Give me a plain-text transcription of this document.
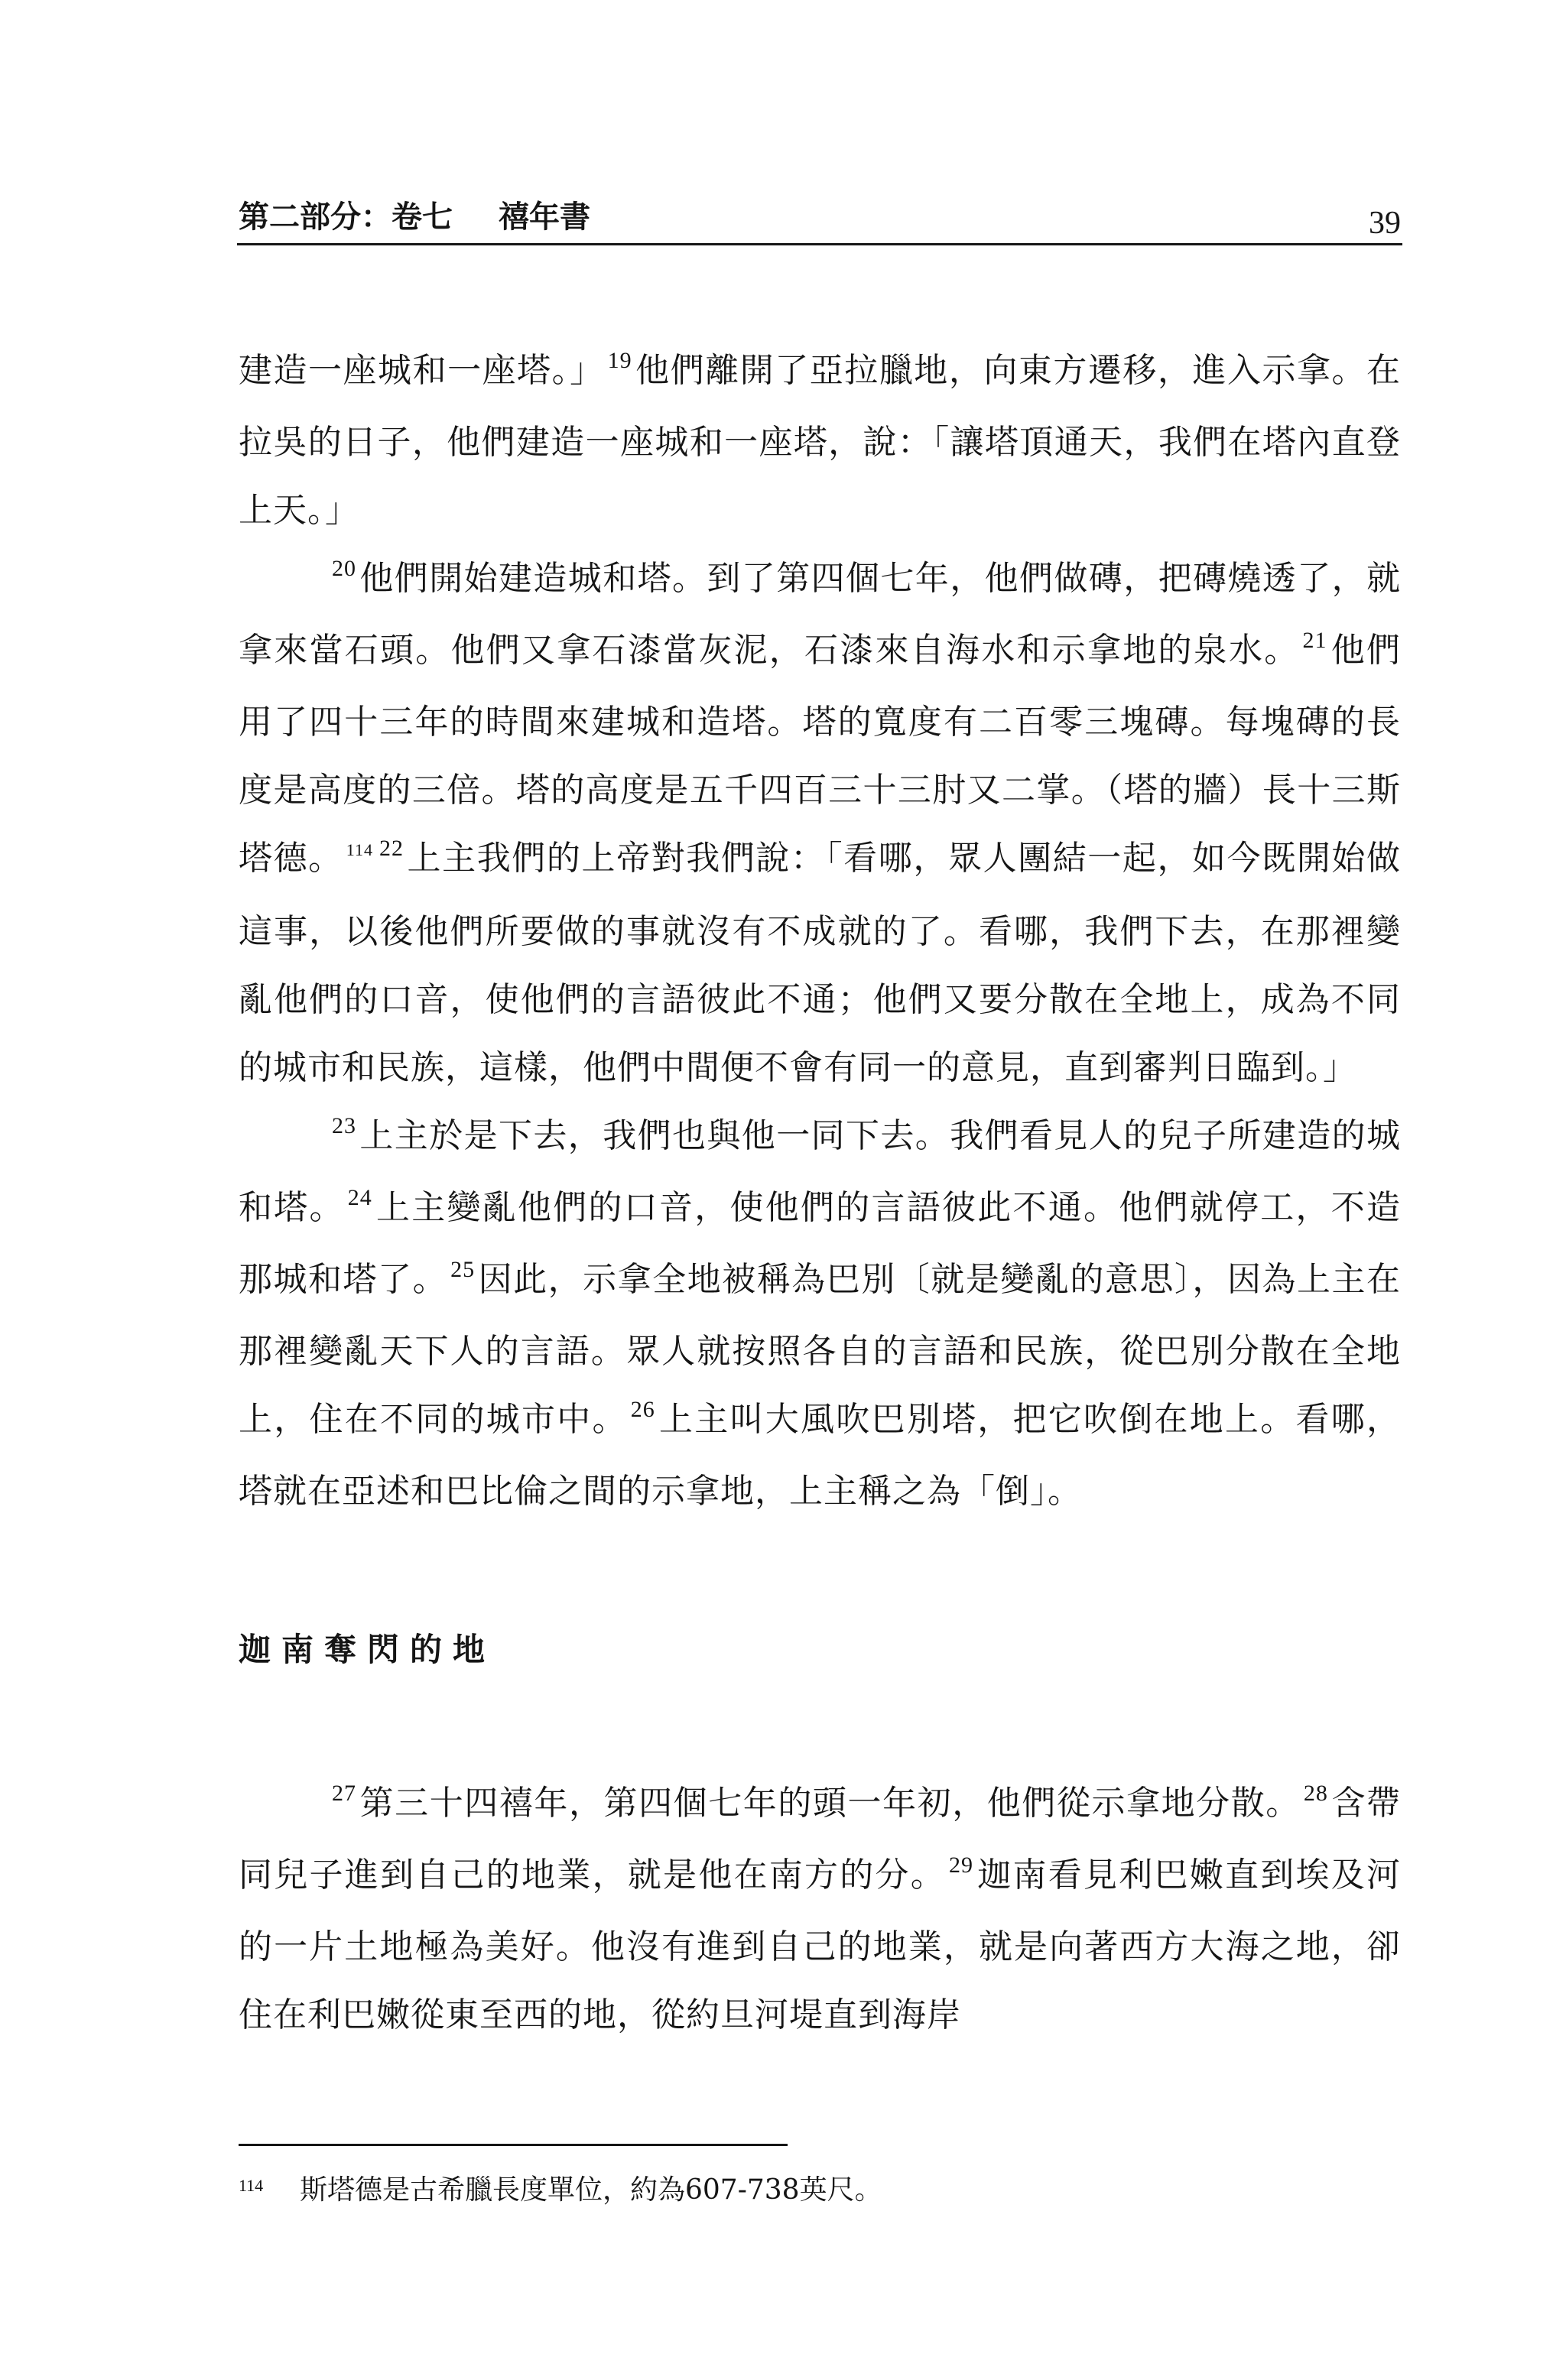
第二部分：卷七 禧年書	39

建造一座城和一座塔。」 $^{19}$他們離開了亞拉臘地，向東方遷移，進入示拿。在拉吳的日子，他們建造一座城和一座塔，說：「讓塔頂通天，我們在塔內直登上天。」

$^{20}$他們開始建造城和塔。到了第四個七年，他們做磚，把磚燒透了，就拿來當石頭。他們又拿石漆當灰泥，石漆來自海水和示拿地的泉水。 $^{21}$他們用了四十三年的時間來建城和造塔。塔的寬度有二百零三塊磚。每塊磚的長度是高度的三倍。塔的高度是五千四百三十三肘又二掌。（塔的牆）長十三斯塔德。 $^{114}$ $^{22}$上主我們的上帝對我們說：「看哪，眾人團結一起，如今既開始做這事，以後他們所要做的事就沒有不成就的了。看哪，我們下去，在那裡變亂他們的口音，使他們的言語彼此不通；他們又要分散在全地上，成為不同的城市和民族，這樣，他們中間便不會有同一的意見，直到審判日臨到。」

$^{23}$上主於是下去，我們也與他一同下去。我們看見人的兒子所建造的城和塔。 $^{24}$上主變亂他們的口音，使他們的言語彼此不通。他們就停工，不造那城和塔了。 $^{25}$因此，示拿全地被稱為巴別〔就是變亂的意思〕，因為上主在那裡變亂天下人的言語。眾人就按照各自的言語和民族，從巴別分散在全地上，住在不同的城市中。 $^{26}$上主叫大風吹巴別塔，把它吹倒在地上。看哪，塔就在亞述和巴比倫之間的示拿地，上主稱之為「倒」。

迦南奪閃的地

$^{27}$第三十四禧年，第四個七年的頭一年初，他們從示拿地分散。 $^{28}$含帶同兒子進到自己的地業，就是他在南方的分。 $^{29}$迦南看見利巴嫩直到埃及河的一片土地極為美好。他沒有進到自己的地業，就是向著西方大海之地，卻住在利巴嫩從東至西的地，從約旦河堤直到海岸

114 斯塔德是古希臘長度單位，約為607-738英尺。
